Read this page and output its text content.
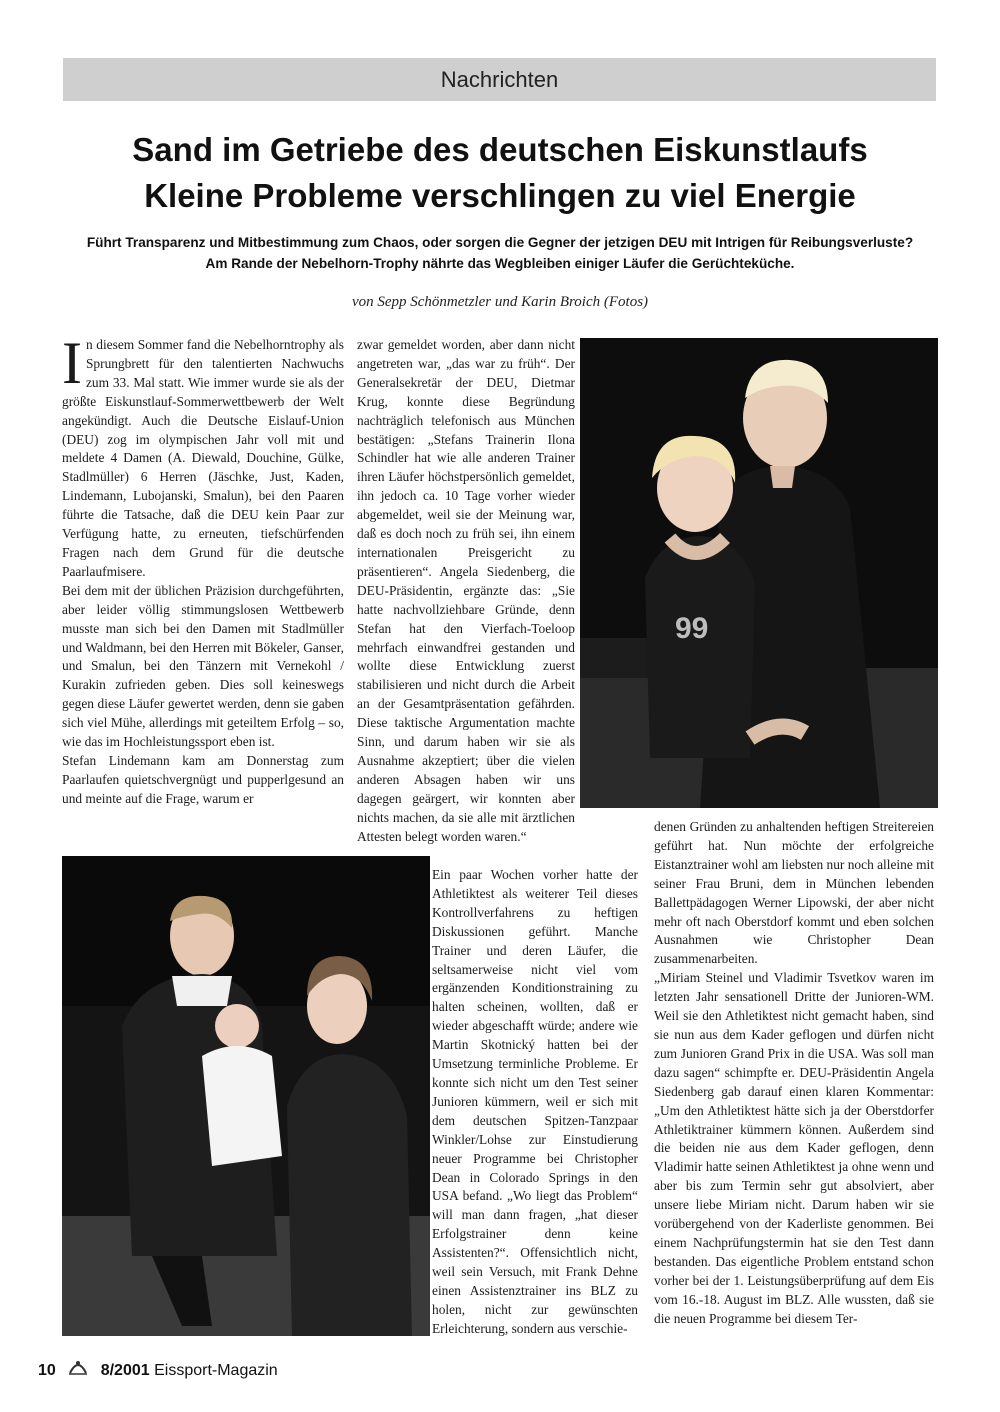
Nachrichten
Sand im Getriebe des deutschen Eiskunstlaufs
Kleine Probleme verschlingen zu viel Energie
Führt Transparenz und Mitbestimmung zum Chaos, oder sorgen die Gegner der jetzigen DEU mit Intrigen für Reibungsverluste? Am Rande der Nebelhorn-Trophy nährte das Wegbleiben einiger Läufer die Gerüchteküche.
von Sepp Schönmetzler und Karin Broich (Fotos)

In diesem Sommer fand die Nebelhorntrophy als Sprungbrett für den talentierten Nachwuchs zum 33. Mal statt. Wie immer wurde sie als der größte Eiskunstlauf-Sommerwettbewerb der Welt angekündigt. Auch die Deutsche Eislauf-Union (DEU) zog im olympischen Jahr voll mit und meldete 4 Damen (A. Diewald, Douchine, Gülke, Stadlmüller) 6 Herren (Jäschke, Just, Kaden, Lindemann, Lubojanski, Smalun), bei den Paaren führte die Tatsache, daß die DEU kein Paar zur Verfügung hatte, zu erneuten, tiefschürfenden Fragen nach dem Grund für die deutsche Paarlaufmisere.

Bei dem mit der üblichen Präzision durchgeführten, aber leider völlig stimmungslosen Wettbewerb musste man sich bei den Damen mit Stadlmüller und Waldmann, bei den Herren mit Bökeler, Ganser, und Smalun, bei den Tänzern mit Vernekohl / Kurakin zufrieden geben. Dies soll keineswegs gegen diese Läufer gewertet werden, denn sie gaben sich viel Mühe, allerdings mit geteiltem Erfolg – so, wie das im Hochleistungssport eben ist.

Stefan Lindemann kam am Donnerstag zum Paarlaufen quietschvergnügt und pupperlgesund an und meinte auf die Frage, warum er

99

zwar gemeldet worden, aber dann nicht angetreten war, „das war zu früh“. Der Generalsekretär der DEU, Dietmar Krug, konnte diese Begründung nachträglich telefonisch aus München bestätigen: „Stefans Trainerin Ilona Schindler hat wie alle anderen Trainer ihren Läufer höchstpersönlich gemeldet, ihn jedoch ca. 10 Tage vorher wieder abgemeldet, weil sie der Meinung war, daß es doch noch zu früh sei, ihn einem internationalen Preisgericht zu präsentieren“. Angela Siedenberg, die DEU-Präsidentin, ergänzte das: „Sie hatte nachvollziehbare Gründe, denn Stefan hat den Vierfach-Toeloop mehrfach einwandfrei gestanden und wollte diese Entwicklung zuerst stabilisieren und nicht durch die Arbeit an der Gesamtpräsentation gefährden. Diese taktische Argumentation machte Sinn, und darum haben wir sie als Ausnahme akzeptiert; über die vielen anderen Absagen haben wir uns dagegen geärgert, wir konnten aber nichts machen, da sie alle mit ärztlichen Attesten belegt worden waren.“

Ein paar Wochen vorher hatte der Athletiktest als weiterer Teil dieses Kontrollverfahrens zu heftigen Diskussionen geführt. Manche Trainer und deren Läufer, die seltsamerweise nicht viel vom ergänzenden Konditionstraining zu halten scheinen, wollten, daß er wieder abgeschafft würde; andere wie Martin Skotnický hatten bei der Umsetzung terminliche Probleme. Er konnte sich nicht um den Test seiner Junioren kümmern, weil er sich mit dem deutschen Spitzen-Tanzpaar Winkler/Lohse zur Einstudierung neuer Programme bei Christopher Dean in Colorado Springs in den USA befand. „Wo liegt das Problem“ will man dann fragen, „hat dieser Erfolgstrainer denn keine Assistenten?“. Offensichtlich nicht, weil sein Versuch, mit Frank Dehne einen Assistenztrainer ins BLZ zu holen, nicht zur gewünschten Erleichterung, sondern aus verschie-

denen Gründen zu anhaltenden heftigen Streitereien geführt hat. Nun möchte der erfolgreiche Eistanztrainer wohl am liebsten nur noch alleine mit seiner Frau Bruni, dem in München lebenden Ballettpädagogen Werner Lipowski, der aber nicht mehr oft nach Oberstdorf kommt und eben solchen Ausnahmen wie Christopher Dean zusammenarbeiten.

„Miriam Steinel und Vladimir Tsvetkov waren im letzten Jahr sensationell Dritte der Junioren-WM. Weil sie den Athletiktest nicht gemacht haben, sind sie nun aus dem Kader geflogen und dürfen nicht zum Junioren Grand Prix in die USA. Was soll man dazu sagen“ schimpfte er. DEU-Präsidentin Angela Siedenberg gab darauf einen klaren Kommentar: „Um den Athletiktest hätte sich ja der Oberstdorfer Athletiktrainer kümmern können. Außerdem sind die beiden nie aus dem Kader geflogen, denn Vladimir hatte seinen Athletiktest ja ohne wenn und aber bis zum Termin sehr gut absolviert, aber unsere liebe Miriam nicht. Darum haben wir sie vorübergehend von der Kaderliste genommen. Bei einem Nachprüfungstermin hat sie den Test dann bestanden. Das eigentliche Problem entstand schon vorher bei der 1. Leistungsüberprüfung auf dem Eis vom 16.-18. August im BLZ. Alle wussten, daß sie die neuen Programme bei diesem Ter-

10	8/2001 Eissport-Magazin
